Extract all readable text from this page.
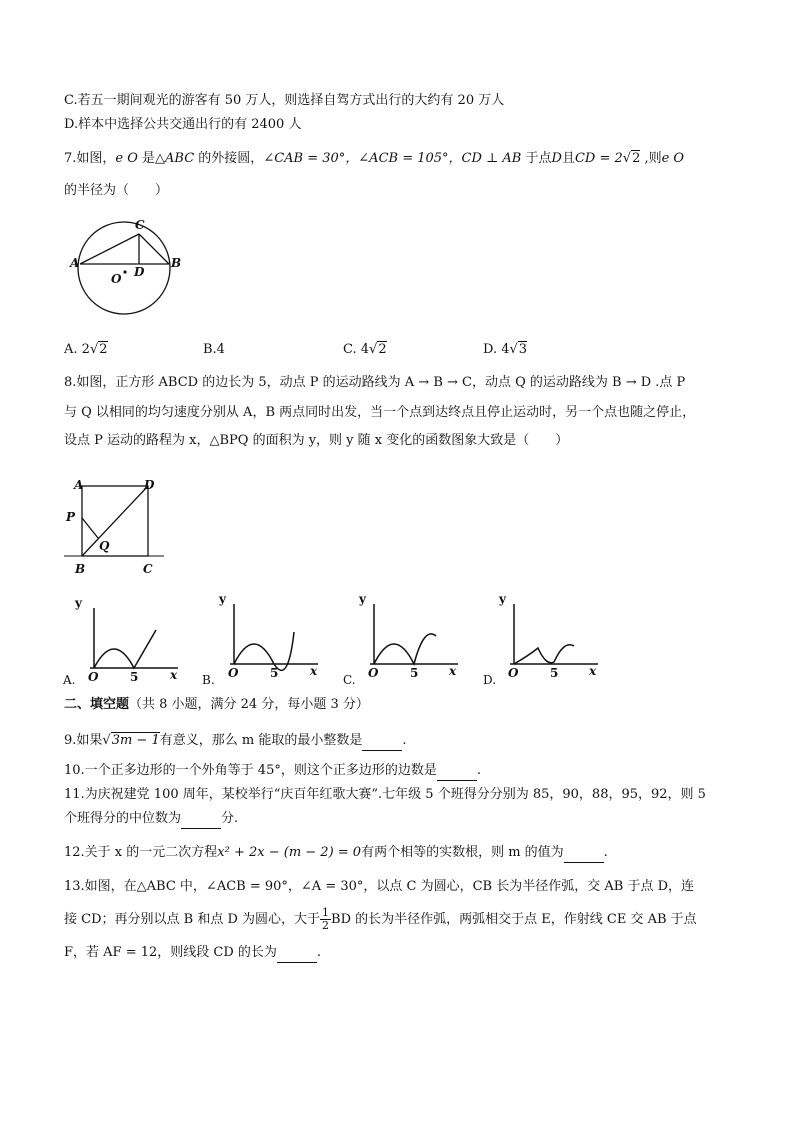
C.若五一期间观光的游客有 50 万人，则选择自驾方式出行的大约有 20 万人
D.样本中选择公共交通出行的有 2400 人
7.如图，e O 是△ABC 的外接圆，∠CAB = 30°，∠ACB = 105°，CD ⊥ AB 于点D且CD = 2√2 ,则e O
的半径为（　　）
C
A	B
D
O
A. 2√2	B.4	C. 4√2	D. 4√3
8.如图，正方形 ABCD 的边长为 5，动点 P 的运动路线为 A → B → C，动点 Q 的运动路线为 B → D .点 P
与 Q 以相同的均匀速度分别从 A，B 两点同时出发，当一个点到达终点且停止运动时，另一个点也随之停止，
设点 P 运动的路程为 x，△BPQ 的面积为 y，则 y 随 x 变化的函数图象大致是（　　）
A	D
P
Q
B	C
y
A. O	5	x
y
B. O	5	x
y
C. O	5	x
y
D. O	5	x
二、填空题（共 8 小题，满分 24 分，每小题 3 分）
9.如果√3m − 1有意义，那么 m 能取的最小整数是	.
10.一个正多边形的一个外角等于 45°，则这个正多边形的边数是	.
11.为庆祝建党 100 周年，某校举行“庆百年红歌大赛”.七年级 5 个班得分分别为 85，90，88，95，92，则 5
个班得分的中位数为	分.
12.关于 x 的一元二次方程x² + 2x − (m − 2) = 0有两个相等的实数根，则 m 的值为	.
13.如图，在△ABC 中，∠ACB = 90°，∠A = 30°，以点 C 为圆心，CB 长为半径作弧，交 AB 于点 D，连
接 CD；再分别以点 B 和点 D 为圆心，大于 $\frac{1}{2}$ BD 的长为半径作弧，两弧相交于点 E，作射线 CE 交 AB 于点
F，若 AF = 12，则线段 CD 的长为	.
